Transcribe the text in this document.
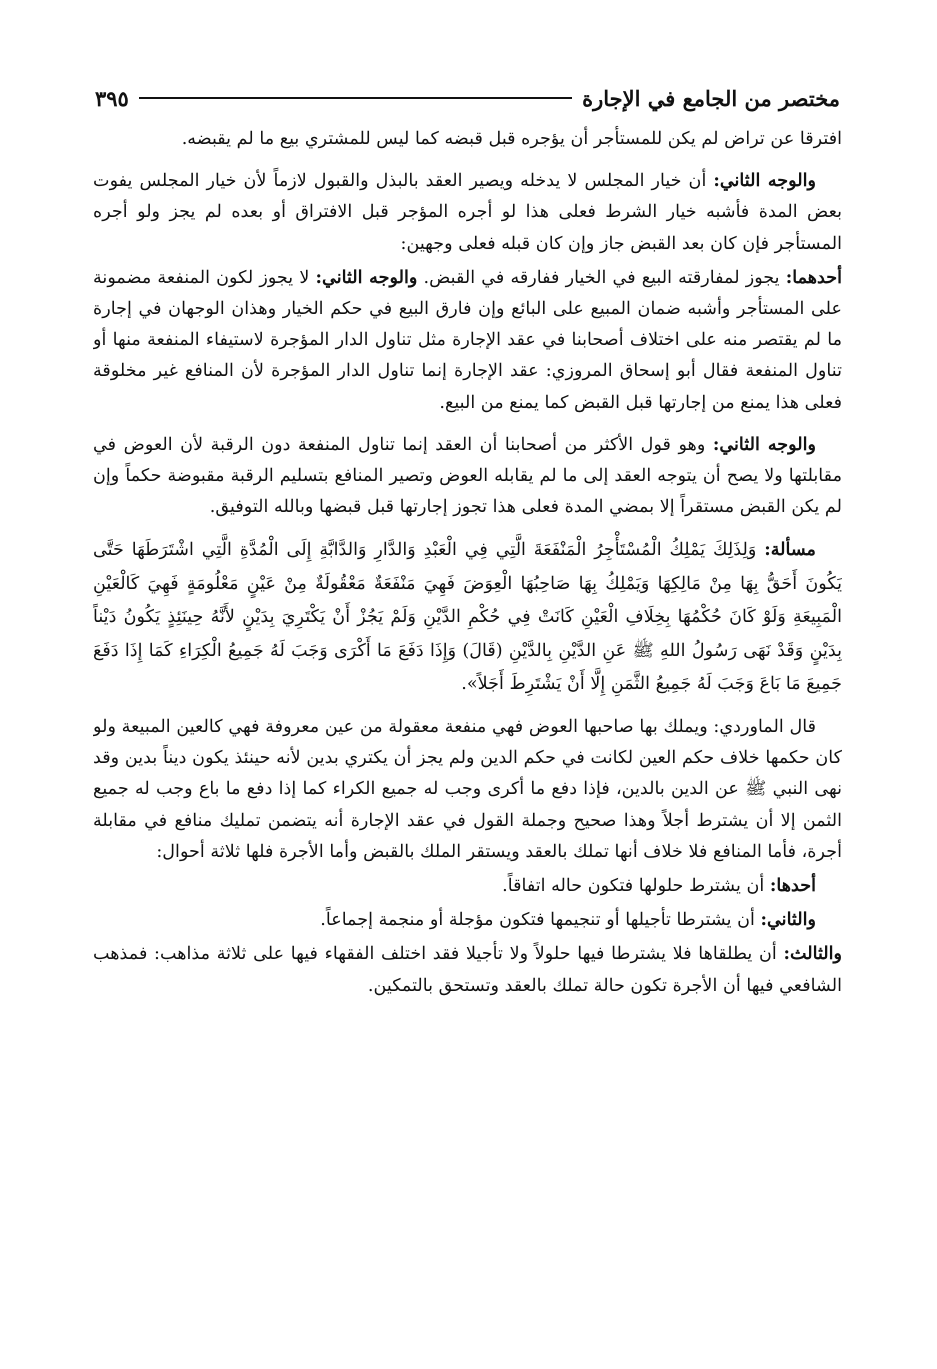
مختصر من الجامع في الإجارة
٣٩٥

افترقا عن تراض لم يكن للمستأجر أن يؤجره قبل قبضه كما ليس للمشتري بيع ما لم يقبضه.

والوجه الثاني: أن خيار المجلس لا يدخله ويصير العقد بالبذل والقبول لازماً لأن خيار المجلس يفوت بعض المدة فأشبه خيار الشرط فعلى هذا لو أجره المؤجر قبل الافتراق أو بعده لم يجز ولو أجره المستأجر فإن كان بعد القبض جاز وإن كان قبله فعلى وجهين:

أحدهما: يجوز لمفارقته البيع في الخيار ففارقه في القبض. والوجه الثاني: لا يجوز لكون المنفعة مضمونة على المستأجر وأشبه ضمان المبيع على البائع وإن فارق البيع في حكم الخيار وهذان الوجهان في إجارة ما لم يقتصر منه على اختلاف أصحابنا في عقد الإجارة مثل تناول الدار المؤجرة لاستيفاء المنفعة منها أو تناول المنفعة فقال أبو إسحاق المروزي: عقد الإجارة إنما تناول الدار المؤجرة لأن المنافع غير مخلوقة فعلى هذا يمنع من إجارتها قبل القبض كما يمنع من البيع.

والوجه الثاني: وهو قول الأكثر من أصحابنا أن العقد إنما تناول المنفعة دون الرقبة لأن العوض في مقابلتها ولا يصح أن يتوجه العقد إلى ما لم يقابله العوض وتصير المنافع بتسليم الرقبة مقبوضة حكماً وإن لم يكن القبض مستقراً إلا بمضي المدة فعلى هذا تجوز إجارتها قبل قبضها وبالله التوفيق.

مسألة: وَلِذَلِكَ يَمْلِكُ الْمُسْتَأْجِرُ الْمَنْفَعَةَ الَّتِي فِي الْعَبْدِ وَالدَّارِ وَالدَّابَّةِ إِلَى الْمُدَّةِ الَّتِي اشْتَرَطَهَا حَتَّى يَكُونَ أَحَقُّ بِهَا مِنْ مَالِكِهَا وَيَمْلِكُ بِهَا صَاحِبُهَا الْعِوَضَ فَهِيَ مَنْفَعَةٌ مَعْقُولَةٌ مِنْ عَيْنٍ مَعْلُومَةٍ فَهِيَ كَالْعَيْنِ الْمَبِيعَةِ وَلَوْ كَانَ حُكْمُهَا بِخِلَافِ الْعَيْنِ كَانَتْ فِي حُكْمِ الدَّيْنِ وَلَمْ يَجُزْ أَنْ يَكْتَرِيَ بِدَيْنٍ لأَنَّهُ حِينَئِذٍ يَكُونُ دَيْناً بِدَيْنٍ وَقَدْ نَهَى رَسُولُ اللهِ ﷺ عَنِ الدَّيْنِ بِالدَّيْنِ (قَالَ) وَإِذَا دَفَعَ مَا أَكْرَى وَجَبَ لَهُ جَمِيعُ الْكِرَاءِ كَمَا إِذَا دَفَعَ جَمِيعَ مَا بَاعَ وَجَبَ لَهُ جَمِيعُ الثَّمَنِ إِلَّا أَنْ يَشْتَرِطَ أَجَلاً».

قال الماوردي: ويملك بها صاحبها العوض فهي منفعة معقولة من عين معروفة فهي كالعين المبيعة ولو كان حكمها خلاف حكم العين لكانت في حكم الدين ولم يجز أن يكتري بدين لأنه حينئذ يكون ديناً بدين وقد نهى النبي ﷺ عن الدين بالدين، فإذا دفع ما أكرى وجب له جميع الكراء كما إذا دفع ما باع وجب له جميع الثمن إلا أن يشترط أجلاً وهذا صحيح وجملة القول في عقد الإجارة أنه يتضمن تمليك منافع في مقابلة أجرة، فأما المنافع فلا خلاف أنها تملك بالعقد ويستقر الملك بالقبض وأما الأجرة فلها ثلاثة أحوال:

أحدها: أن يشترط حلولها فتكون حاله اتفاقاً.

والثاني: أن يشترطا تأجيلها أو تنجيمها فتكون مؤجلة أو منجمة إجماعاً.

والثالث: أن يطلقاها فلا يشترطا فيها حلولاً ولا تأجيلا فقد اختلف الفقهاء فيها على ثلاثة مذاهب: فمذهب الشافعي فيها أن الأجرة تكون حالة تملك بالعقد وتستحق بالتمكين.
